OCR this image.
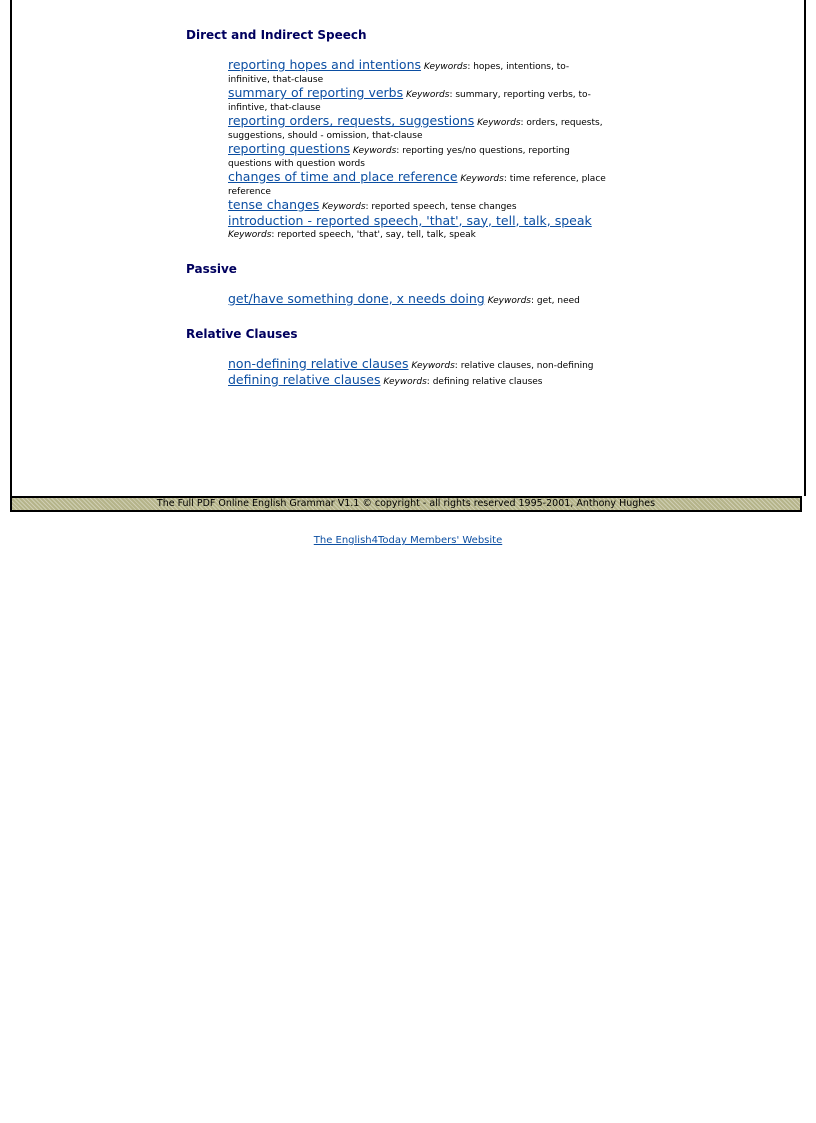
Direct and Indirect Speech

reporting hopes and intentions Keywords: hopes, intentions, to-infinitive, that-clause

summary of reporting verbs Keywords: summary, reporting verbs, to-infintive, that-clause

reporting orders, requests, suggestions Keywords: orders, requests, suggestions, should - omission, that-clause

reporting questions Keywords: reporting yes/no questions, reporting questions with question words

changes of time and place reference Keywords: time reference, place reference

tense changes Keywords: reported speech, tense changes

introduction - reported speech, 'that', say, tell, talk, speak
Keywords: reported speech, 'that', say, tell, talk, speak

Passive

get/have something done, x needs doing Keywords: get, need

Relative Clauses

non-defining relative clauses Keywords: relative clauses, non-defining

defining relative clauses Keywords: defining relative clauses

The Full PDF Online English Grammar V1.1 © copyright - all rights reserved 1995-2001, Anthony Hughes
The English4Today Members' Website
